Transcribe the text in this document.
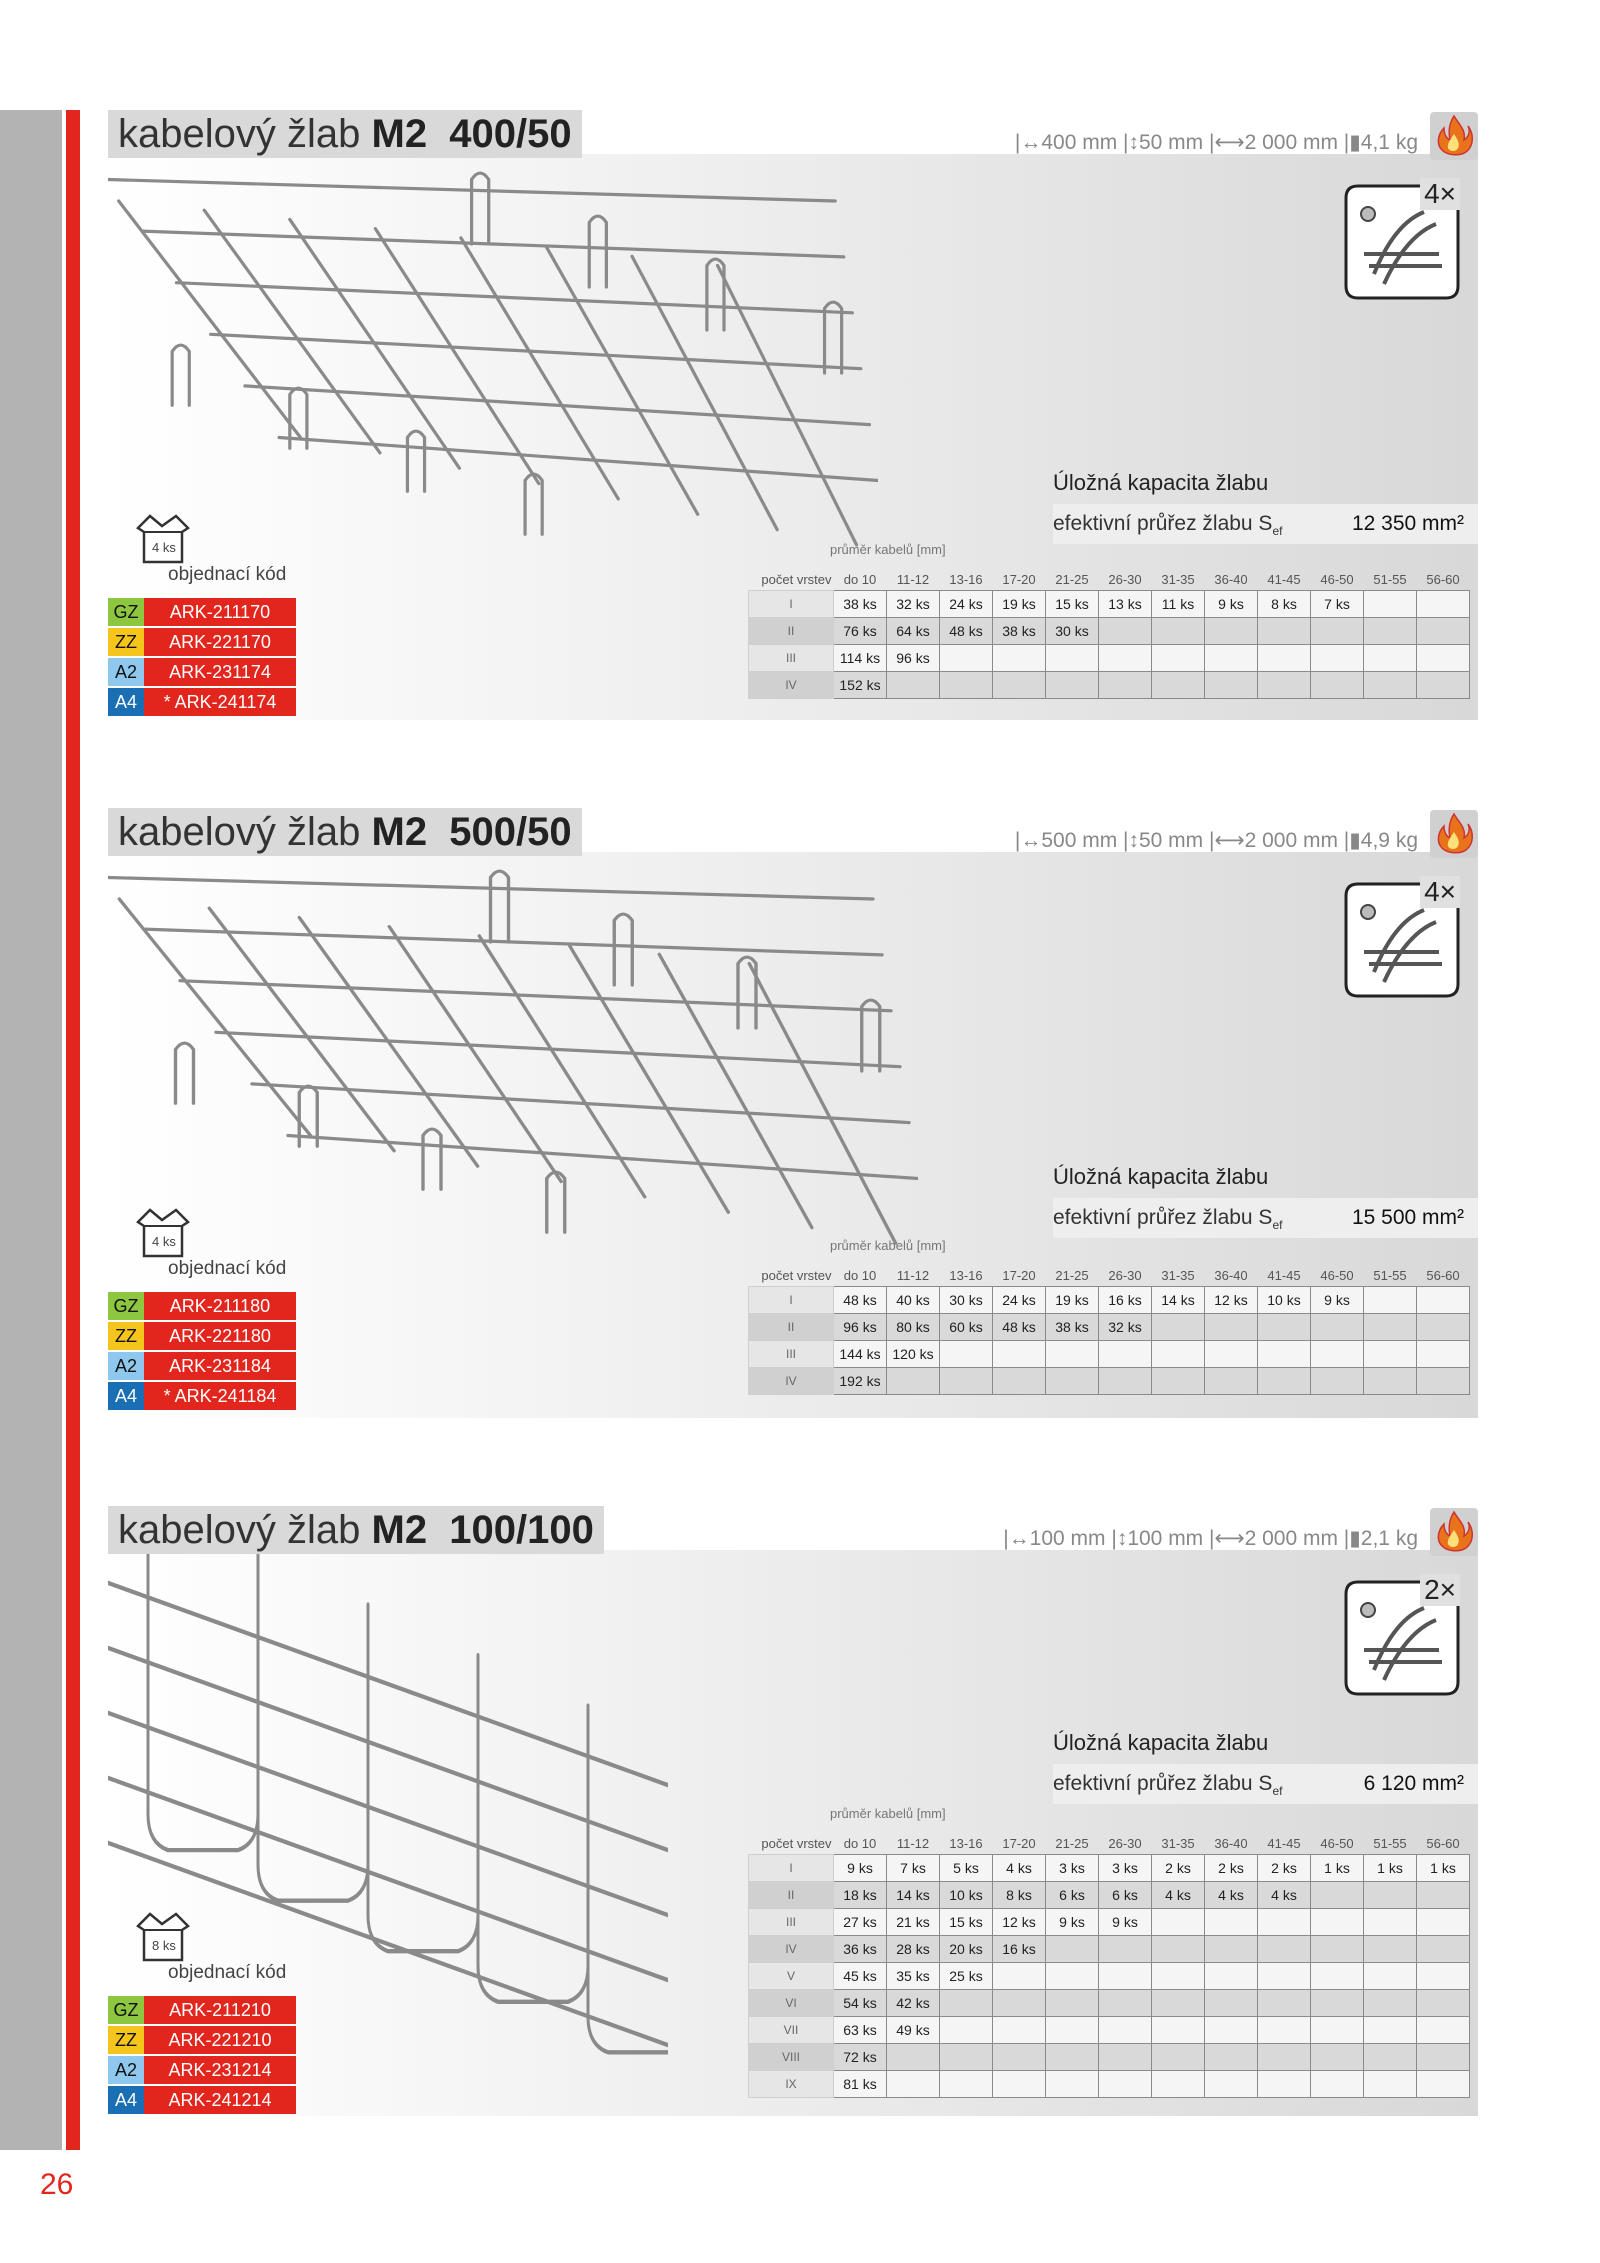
26
kabelový žlab M2  400/50	|↔400 mm |↕50 mm |⟷2 000 mm |▮4,1 kg
4×
4 ks
Úložná kapacita žlabu
efektivní průřez žlabu $S_{ef}$	12 350 mm²
objednací kód
GZ	ARK-211170
ZZ	ARK-221170
A2	ARK-231174
A4	* ARK-241174
průměr kabelů [mm]
počet vrstev	do 10	11-12	13-16	17-20	21-25	26-30	31-35	36-40	41-45	46-50	51-55	56-60
I	38 ks	32 ks	24 ks	19 ks	15 ks	13 ks	11 ks	9 ks	8 ks	7 ks		
II	76 ks	64 ks	48 ks	38 ks	30 ks							
III	114 ks	96 ks										
IV	152 ks											
kabelový žlab M2  500/50	|↔500 mm |↕50 mm |⟷2 000 mm |▮4,9 kg
4×
4 ks
Úložná kapacita žlabu
efektivní průřez žlabu $S_{ef}$	15 500 mm²
objednací kód
GZ	ARK-211180
ZZ	ARK-221180
A2	ARK-231184
A4	* ARK-241184
průměr kabelů [mm]
počet vrstev	do 10	11-12	13-16	17-20	21-25	26-30	31-35	36-40	41-45	46-50	51-55	56-60
I	48 ks	40 ks	30 ks	24 ks	19 ks	16 ks	14 ks	12 ks	10 ks	9 ks		
II	96 ks	80 ks	60 ks	48 ks	38 ks	32 ks						
III	144 ks	120 ks										
IV	192 ks											
kabelový žlab M2  100/100	|↔100 mm |↕100 mm |⟷2 000 mm |▮2,1 kg
2×
8 ks
Úložná kapacita žlabu
efektivní průřez žlabu $S_{ef}$	6 120 mm²
objednací kód
GZ	ARK-211210
ZZ	ARK-221210
A2	ARK-231214
A4	ARK-241214
průměr kabelů [mm]
počet vrstev	do 10	11-12	13-16	17-20	21-25	26-30	31-35	36-40	41-45	46-50	51-55	56-60
I	9 ks	7 ks	5 ks	4 ks	3 ks	3 ks	2 ks	2 ks	2 ks	1 ks	1 ks	1 ks
II	18 ks	14 ks	10 ks	8 ks	6 ks	6 ks	4 ks	4 ks	4 ks			
III	27 ks	21 ks	15 ks	12 ks	9 ks	9 ks						
IV	36 ks	28 ks	20 ks	16 ks								
V	45 ks	35 ks	25 ks									
VI	54 ks	42 ks										
VII	63 ks	49 ks										
VIII	72 ks											
IX	81 ks											
